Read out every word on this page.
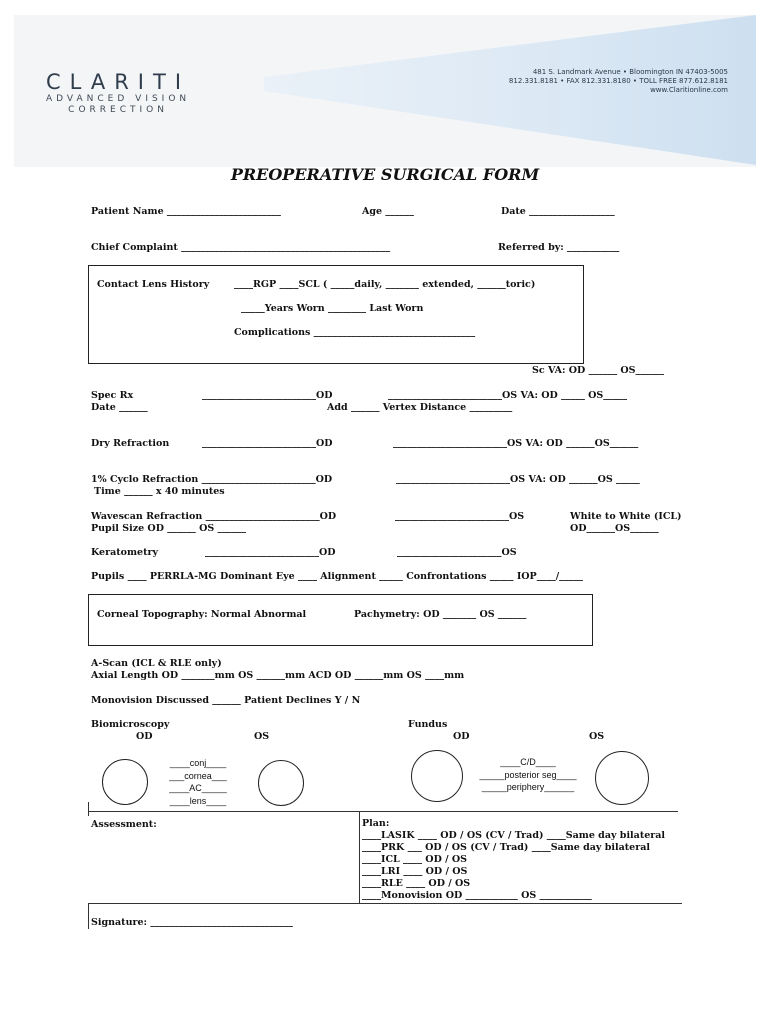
CLARITI
ADVANCED VISION
CORRECTION
481 S. Landmark Avenue • Bloomington IN 47403-5005
812.331.8181 • FAX 812.331.8180 • TOLL FREE 877.612.8181
www.Claritionline.com
PREOPERATIVE SURGICAL FORM
Patient Name ________________________	Age ______	Date __________________
Chief Complaint ____________________________________________	Referred by: ___________
Contact Lens History	____RGP ____SCL ( _____daily, _______ extended, ______toric)
_____Years Worn ________ Last Worn
Complications __________________________________
Sc VA: OD ______ OS______
Spec Rx	________________________OD	________________________OS VA: OD _____ OS_____
Date ______	Add ______ Vertex Distance _________
Dry Refraction	________________________OD	________________________OS VA: OD ______OS______
1% Cyclo Refraction ________________________OD	________________________OS VA: OD ______OS _____
Time ______ x 40 minutes
Wavescan Refraction ________________________OD	________________________OS	White to White (ICL)
OD______OS______
Pupil Size OD ______ OS ______
Keratometry	________________________OD	______________________OS
Pupils ____ PERRLA-MG Dominant Eye ____ Alignment _____ Confrontations _____ IOP____/_____
Corneal Topography: Normal Abnormal	Pachymetry: OD _______ OS ______
A-Scan (ICL & RLE only)
Axial Length OD _______mm OS ______mm ACD OD ______mm OS ____mm
Monovision Discussed ______ Patient Declines Y / N
Biomicroscopy	Fundus
OD	OS	OD	OS
____conj____
___cornea___
____AC_____
____lens____
____C/D____
_____posterior seg____
_____periphery______
Assessment:	Plan:
____LASIK ____ OD / OS (CV / Trad) ____Same day bilateral
____PRK ___ OD / OS (CV / Trad) ____Same day bilateral
____ICL ____ OD / OS
____LRI ____ OD / OS
____RLE ____ OD / OS
____Monovision OD ___________ OS ___________
Signature: ______________________________
